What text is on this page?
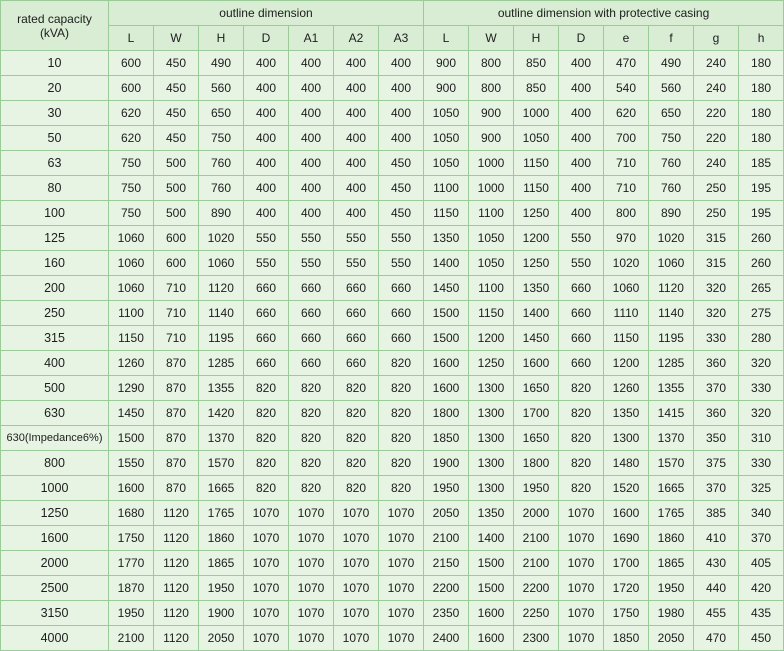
rated capacity
(kVA)	outline dimension							outline dimension with protective casing							
	L	W	H	D	A1	A2	A3	L	W	H	D	e	f	g	h
10	600	450	490	400	400	400	400	900	800	850	400	470	490	240	180
20	600	450	560	400	400	400	400	900	800	850	400	540	560	240	180
30	620	450	650	400	400	400	400	1050	900	1000	400	620	650	220	180
50	620	450	750	400	400	400	400	1050	900	1050	400	700	750	220	180
63	750	500	760	400	400	400	450	1050	1000	1150	400	710	760	240	185
80	750	500	760	400	400	400	450	1100	1000	1150	400	710	760	250	195
100	750	500	890	400	400	400	450	1150	1100	1250	400	800	890	250	195
125	1060	600	1020	550	550	550	550	1350	1050	1200	550	970	1020	315	260
160	1060	600	1060	550	550	550	550	1400	1050	1250	550	1020	1060	315	260
200	1060	710	1120	660	660	660	660	1450	1100	1350	660	1060	1120	320	265
250	1100	710	1140	660	660	660	660	1500	1150	1400	660	1110	1140	320	275
315	1150	710	1195	660	660	660	660	1500	1200	1450	660	1150	1195	330	280
400	1260	870	1285	660	660	660	820	1600	1250	1600	660	1200	1285	360	320
500	1290	870	1355	820	820	820	820	1600	1300	1650	820	1260	1355	370	330
630	1450	870	1420	820	820	820	820	1800	1300	1700	820	1350	1415	360	320
630(Impedance6%)	1500	870	1370	820	820	820	820	1850	1300	1650	820	1300	1370	350	310
800	1550	870	1570	820	820	820	820	1900	1300	1800	820	1480	1570	375	330
1000	1600	870	1665	820	820	820	820	1950	1300	1950	820	1520	1665	370	325
1250	1680	1120	1765	1070	1070	1070	1070	2050	1350	2000	1070	1600	1765	385	340
1600	1750	1120	1860	1070	1070	1070	1070	2100	1400	2100	1070	1690	1860	410	370
2000	1770	1120	1865	1070	1070	1070	1070	2150	1500	2100	1070	1700	1865	430	405
2500	1870	1120	1950	1070	1070	1070	1070	2200	1500	2200	1070	1720	1950	440	420
3150	1950	1120	1900	1070	1070	1070	1070	2350	1600	2250	1070	1750	1980	455	435
4000	2100	1120	2050	1070	1070	1070	1070	2400	1600	2300	1070	1850	2050	470	450
